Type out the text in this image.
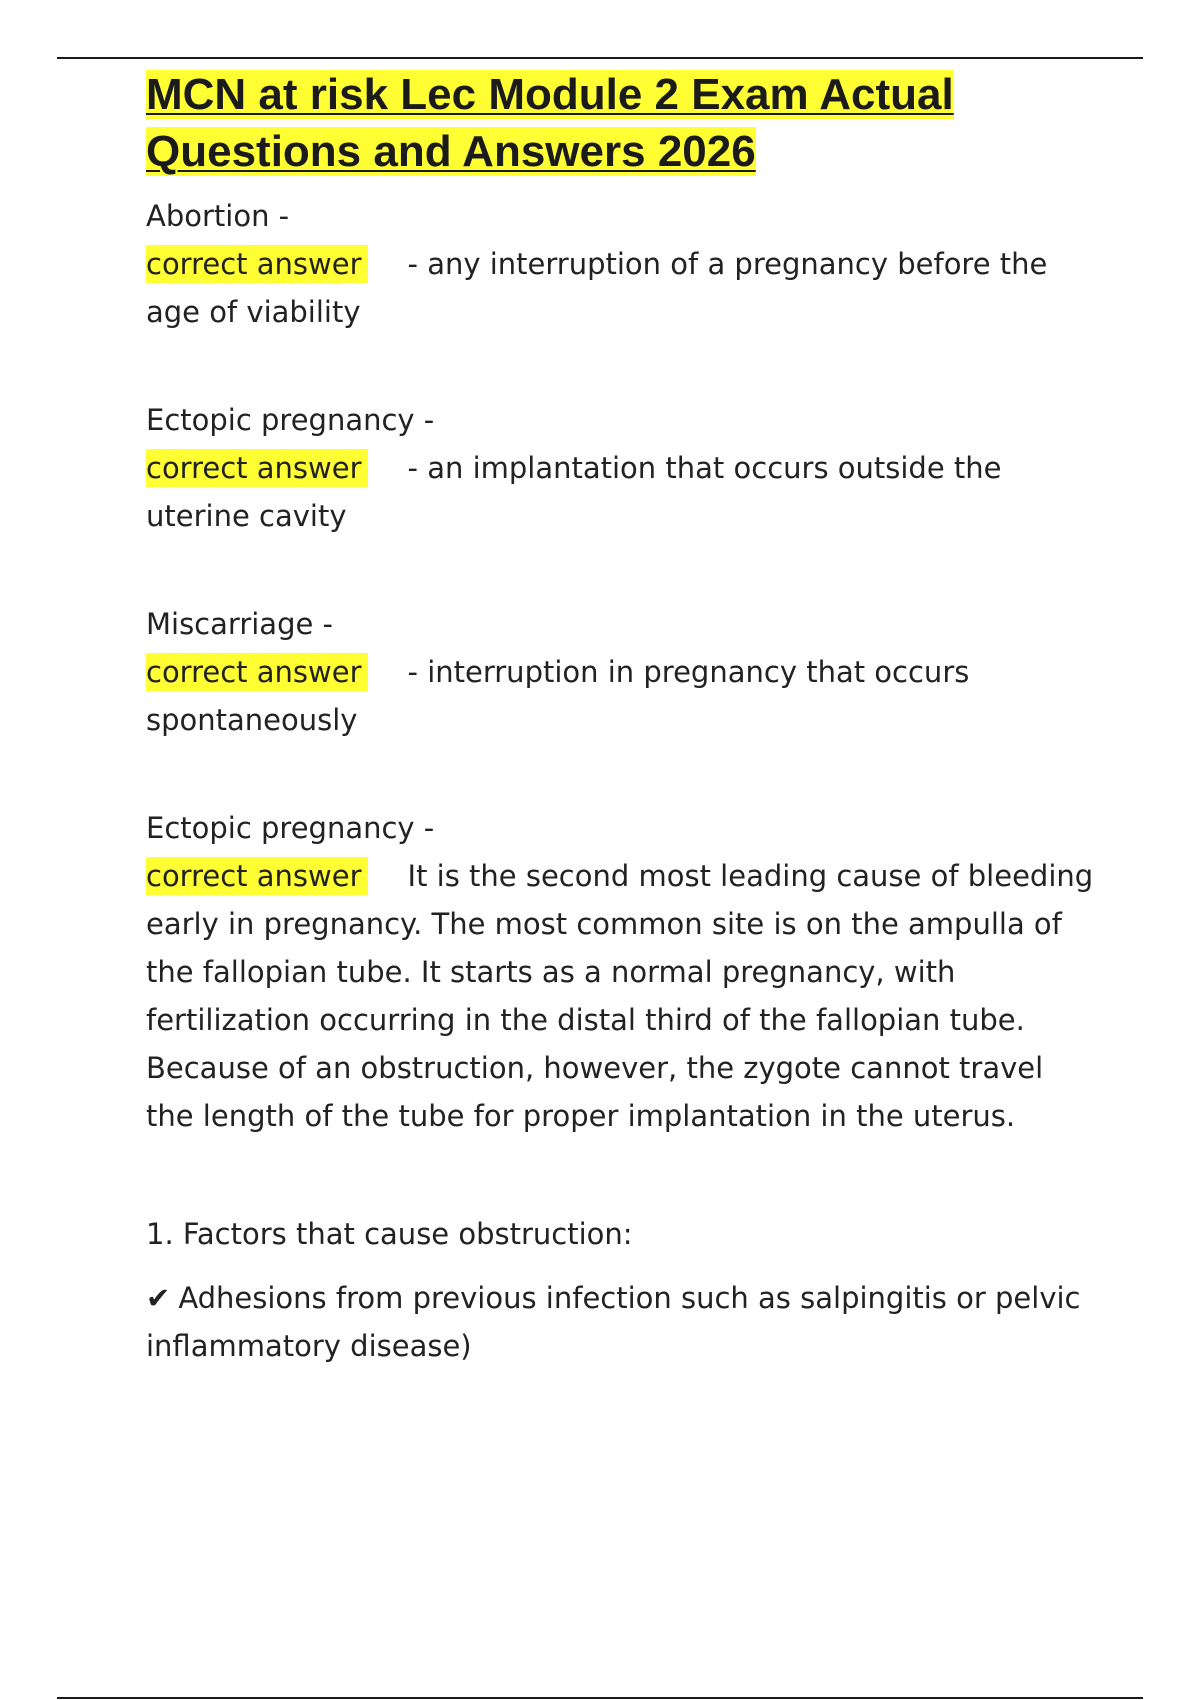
MCN at risk Lec Module 2 Exam Actual
Questions and Answers 2026
Abortion -
correct answer - any interruption of a pregnancy before the age of viability
Ectopic pregnancy -
correct answer - an implantation that occurs outside the uterine cavity
Miscarriage -
correct answer - interruption in pregnancy that occurs spontaneously
Ectopic pregnancy -
correct answer It is the second most leading cause of bleeding early in pregnancy. The most common site is on the ampulla of the fallopian tube. It starts as a normal pregnancy, with fertilization occurring in the distal third of the fallopian tube. Because of an obstruction, however, the zygote cannot travel the length of the tube for proper implantation in the uterus.
1. Factors that cause obstruction:
✔ Adhesions from previous infection such as salpingitis or pelvic inflammatory disease)
